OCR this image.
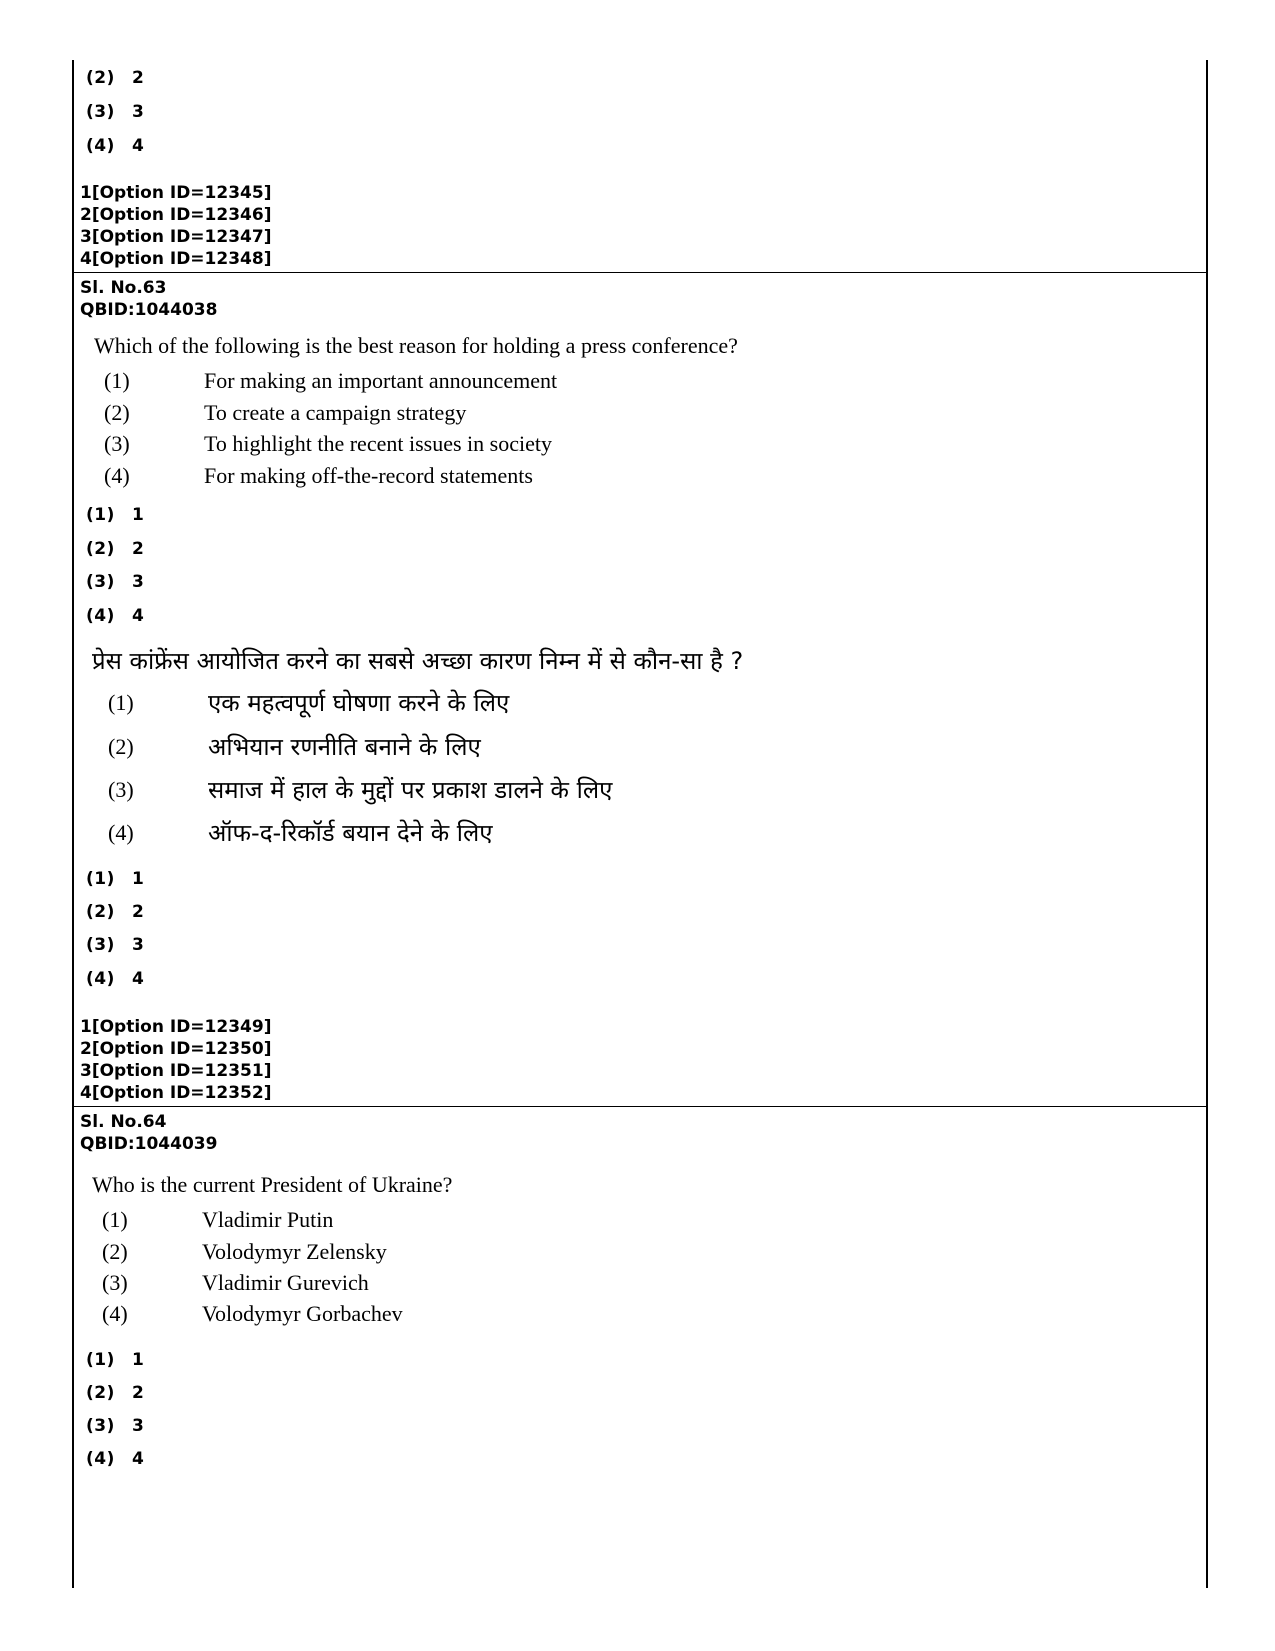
(2) 2
(3) 3
(4) 4
1[Option ID=12345]
2[Option ID=12346]
3[Option ID=12347]
4[Option ID=12348]
Sl. No.63
QBID:1044038
Which of the following is the best reason for holding a press conference?
(1)	For making an important announcement
(2)	To create a campaign strategy
(3)	To highlight the recent issues in society
(4)	For making off-the-record statements
(1) 1
(2) 2
(3) 3
(4) 4
प्रेस कांफ्रेंस आयोजित करने का सबसे अच्छा कारण निम्न में से कौन-सा है ?
(1)	एक महत्वपूर्ण घोषणा करने के लिए
(2)	अभियान रणनीति बनाने के लिए
(3)	समाज में हाल के मुद्दों पर प्रकाश डालने के लिए
(4)	ऑफ-द-रिकॉर्ड बयान देने के लिए
(1) 1
(2) 2
(3) 3
(4) 4
1[Option ID=12349]
2[Option ID=12350]
3[Option ID=12351]
4[Option ID=12352]
Sl. No.64
QBID:1044039
Who is the current President of Ukraine?
(1)	Vladimir Putin
(2)	Volodymyr Zelensky
(3)	Vladimir Gurevich
(4)	Volodymyr Gorbachev
(1) 1
(2) 2
(3) 3
(4) 4
